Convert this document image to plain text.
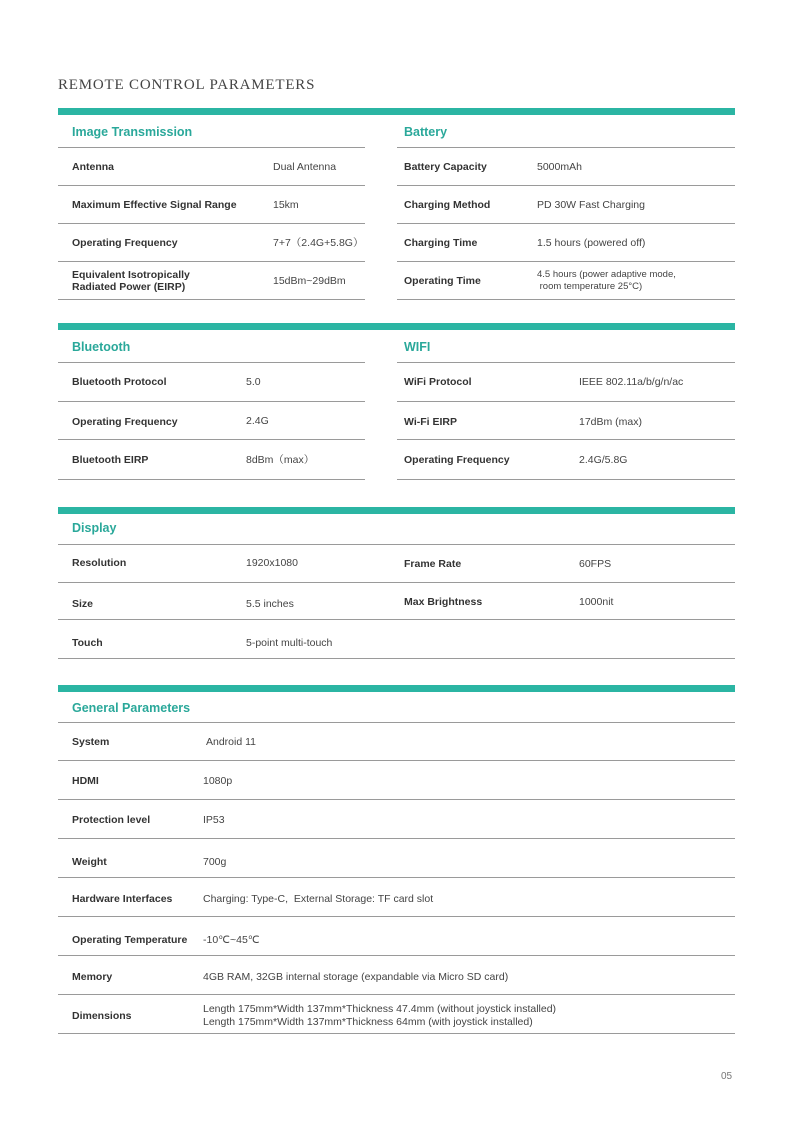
REMOTE CONTROL PARAMETERS
Image Transmission	Battery
Antenna	Dual Antenna	Battery Capacity	5000mAh
Maximum Effective Signal Range	15km	Charging Method	PD 30W Fast Charging
Operating Frequency	7+7（2.4G+5.8G）	Charging Time	1.5 hours (powered off)
Equivalent Isotropically
Radiated Power (EIRP)	15dBm~29dBm	Operating Time
4.5 hours (power adaptive mode,
room temperature 25°C)
Bluetooth	WIFI
Bluetooth Protocol	5.0	WiFi Protocol	IEEE 802.11a/b/g/n/ac
Operating Frequency	2.4G	Wi-Fi EIRP	17dBm (max)
Bluetooth EIRP	8dBm（max）	Operating Frequency	2.4G/5.8G
Display
Resolution	1920x1080	Frame Rate	60FPS
Size	5.5 inches	Max Brightness	1000nit
Touch	5-point multi-touch
General Parameters
System	Android 11
HDMI	1080p
Protection level	IP53
Weight	700g
Hardware Interfaces	Charging: Type-C,  External Storage: TF card slot
Operating Temperature -10℃~45℃
Memory	4GB RAM, 32GB internal storage (expandable via Micro SD card)
Dimensions
Length 175mm*Width 137mm*Thickness 47.4mm (without joystick installed)
Length 175mm*Width 137mm*Thickness 64mm (with joystick installed)
05
